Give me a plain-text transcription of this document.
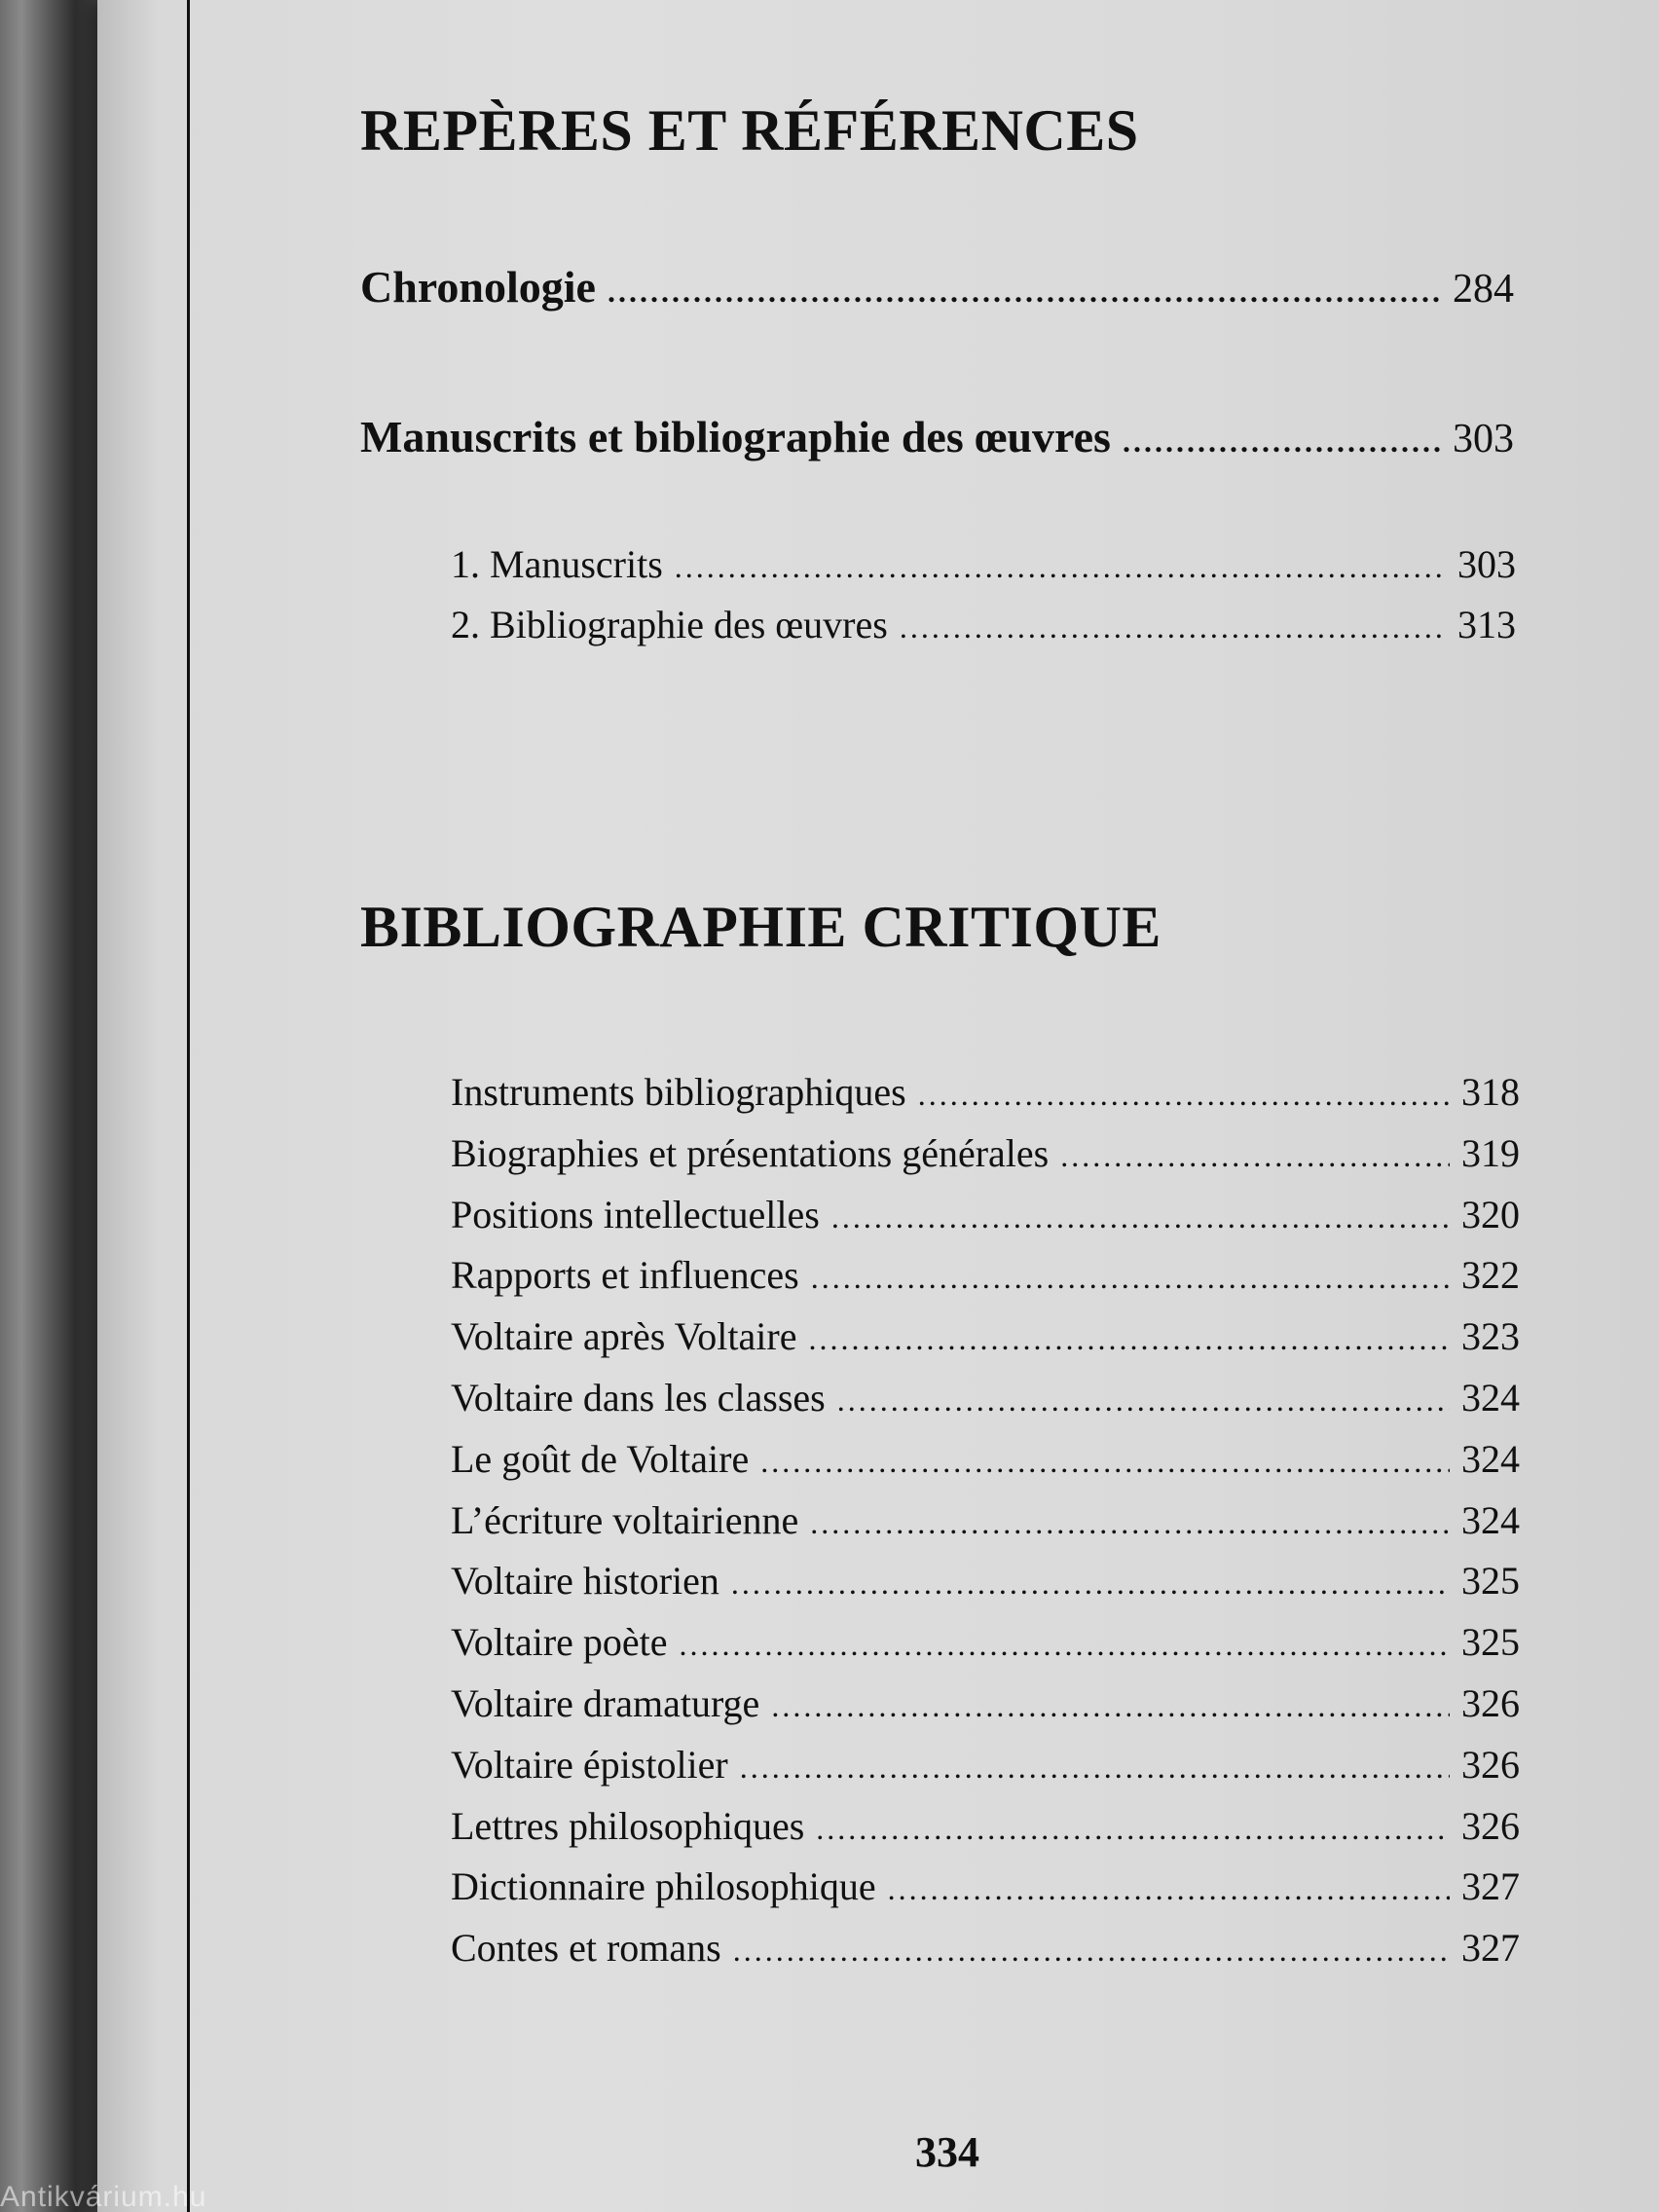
REPÈRES ET RÉFÉRENCES
Chronologie .....	284
Manuscrits et bibliographie des œuvres .....	303
1. Manuscrits .....	303
2. Bibliographie des œuvres .....	313
BIBLIOGRAPHIE CRITIQUE
Instruments bibliographiques .....	318
Biographies et présentations générales .....	319
Positions intellectuelles .....	320
Rapports et influences .....	322
Voltaire après Voltaire .....	323
Voltaire dans les classes .....	324
Le goût de Voltaire .....	324
L’écriture voltairienne .....	324
Voltaire historien .....	325
Voltaire poète .....	325
Voltaire dramaturge .....	326
Voltaire épistolier .....	326
Lettres philosophiques .....	326
Dictionnaire philosophique .....	327
Contes et romans .....	327
334
Antikvárium.hu
